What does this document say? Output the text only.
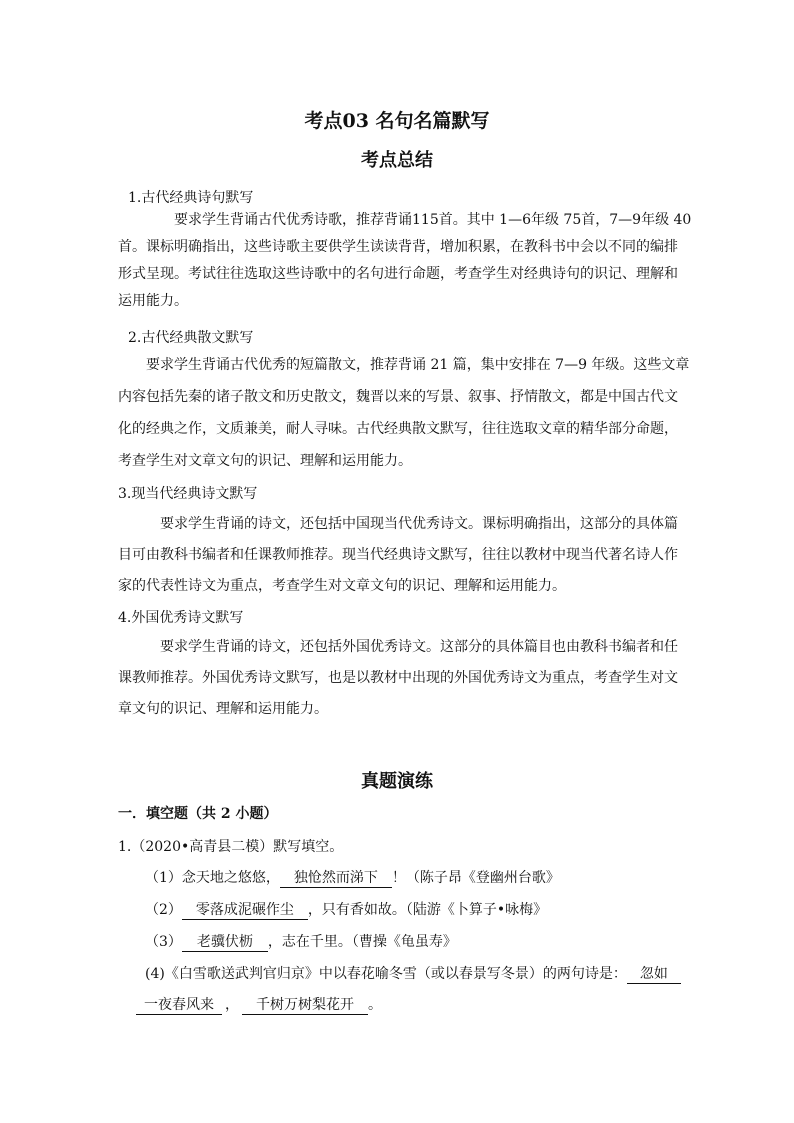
考点03 名句名篇默写
考点总结
1.古代经典诗句默写
要求学生背诵古代优秀诗歌，推荐背诵115首。其中 1—6年级 75首，7—9年级 40
首。课标明确指出，这些诗歌主要供学生读读背背，增加积累，在教科书中会以不同的编排
形式呈现。考试往往选取这些诗歌中的名句进行命题，考查学生对经典诗句的识记、理解和
运用能力。
2.古代经典散文默写
要求学生背诵古代优秀的短篇散文，推荐背诵 21 篇，集中安排在 7—9 年级。这些文章
内容包括先秦的诸子散文和历史散文，魏晋以来的写景、叙事、抒情散文，都是中国古代文
化的经典之作，文质兼美，耐人寻味。古代经典散文默写，往往选取文章的精华部分命题，
考查学生对文章文句的识记、理解和运用能力。
3.现当代经典诗文默写
要求学生背诵的诗文，还包括中国现当代优秀诗文。课标明确指出，这部分的具体篇
目可由教科书编者和任课教师推荐。现当代经典诗文默写，往往以教材中现当代著名诗人作
家的代表性诗文为重点，考查学生对文章文句的识记、理解和运用能力。
4.外国优秀诗文默写
要求学生背诵的诗文，还包括外国优秀诗文。这部分的具体篇目也由教科书编者和任
课教师推荐。外国优秀诗文默写，也是以教材中出现的外国优秀诗文为重点，考查学生对文
章文句的识记、理解和运用能力。
真题演练
一．填空题（共 2 小题）
1.（2020•高青县二模）默写填空。
（1）念天地之悠悠， 独怆然而涕下 ！（陈子昂《登幽州台歌》
（2） 零落成泥碾作尘 ，只有香如故。（陆游《卜算子•咏梅》
（3） 老骥伏枥 ，志在千里。（曹操《龟虽寿》
(4)《白雪歌送武判官归京》中以春花喻冬雪（或以春景写冬景）的两句诗是： 忽如
一夜春风来 ， 千树万树梨花开 。
